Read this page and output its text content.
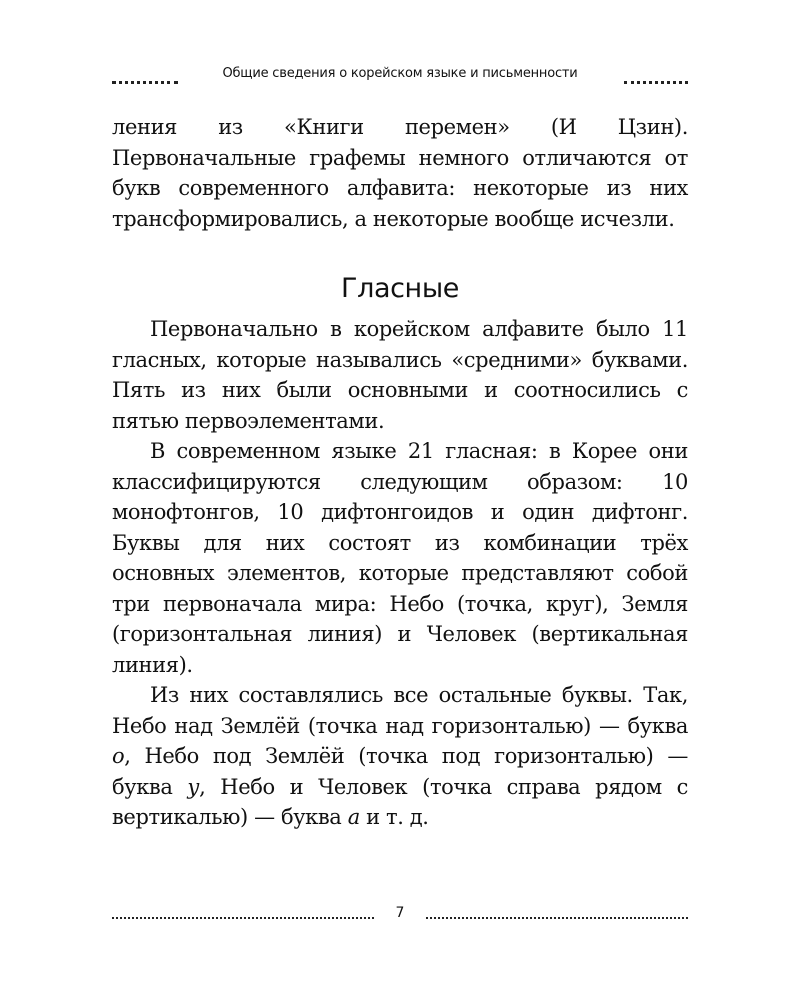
Общие сведения о корейском языке и письменности

ления из «Книги перемен» (И Цзин). Первоначальные графемы немного отличаются от букв современного алфавита: некоторые из них трансформировались, а некоторые вообще исчезли.

Гласные

Первоначально в корейском алфавите было 11 гласных, которые назывались «средними» буквами. Пять из них были основными и соотносились с пятью первоэлементами.

В современном языке 21 гласная: в Корее они классифицируются следующим образом: 10 монофтонгов, 10 дифтонгоидов и один дифтонг. Буквы для них состоят из комбинации трёх основных элементов, которые представляют собой три первоначала мира: Небо (точка, круг), Земля (горизонтальная линия) и Человек (вертикальная линия).

Из них составлялись все остальные буквы. Так, Небо над Землёй (точка над горизонталью) — буква о, Небо под Землёй (точка под горизонталью) — буква у, Небо и Человек (точка справа рядом с вертикалью) — буква а и т. д.

7
